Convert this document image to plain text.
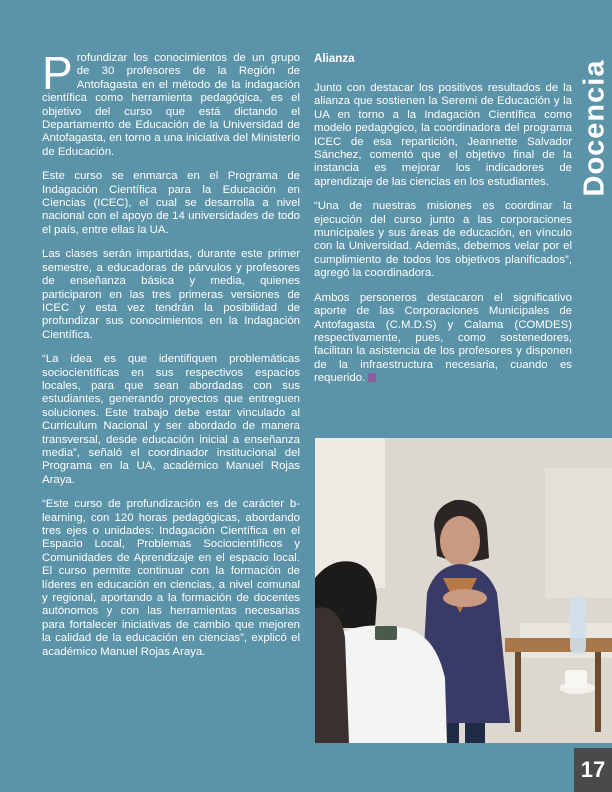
Profundizar los conocimientos de un grupo de 30 profesores de la Región de Antofagasta en el método de la indagación científica como herramienta pedagógica, es el objetivo del curso que está dictando el Departamento de Educación de la Universidad de Antofagasta, en torno a una iniciativa del Ministerio de Educación.

Este curso se enmarca en el Programa de Indagación Científica para la Educación en Ciencias (ICEC), el cual se desarrolla a nivel nacional con el apoyo de 14 universidades de todo el país, entre ellas la UA.

Las clases serán impartidas, durante este primer semestre, a educadoras de párvulos y profesores de enseñanza básica y media, quienes participaron en las tres primeras versiones de ICEC y esta vez tendrán la posibilidad de profundizar sus conocimientos en la Indagación Científica.

“La idea es que identifiquen problemáticas sociocientíficas en sus respectivos espacios locales, para que sean abordadas con sus estudiantes, generando proyectos que entreguen soluciones. Este trabajo debe estar vinculado al Curriculum Nacional y ser abordado de manera transversal, desde educación inicial a enseñanza media”, señaló el coordinador institucional del Programa en la UA, académico Manuel Rojas Araya.

“Este curso de profundización es de carácter b-learning, con 120 horas pedagógicas, abordando tres ejes o unidades: Indagación Científica en el Espacio Local, Problemas Sociocientíficos y Comunidades de Aprendizaje en el espacio local. El curso permite continuar con la formación de líderes en educación en ciencias, a nivel comunal y regional, aportando a la formación de docentes autónomos y con las herramientas necesarias para fortalecer iniciativas de cambio que mejoren la calidad de la educación en ciencias”, explicó el académico Manuel Rojas Araya.

Alianza

Junto con destacar los positivos resultados de la alianza que sostienen la Seremi de Educación y la UA en torno a la Indagación Científica como modelo pedagógico, la coordinadora del programa ICEC de esa repartición, Jeannette Salvador Sánchez, comentó que el objetivo final de la instancia es mejorar los indicadores de aprendizaje de las ciencias en los estudiantes.

“Una de nuestras misiones es coordinar la ejecución del curso junto a las corporaciones municipales y sus áreas de educación, en vínculo con la Universidad. Además, debemos velar por el cumplimiento de todos los objetivos planificados”, agregó la coordinadora.

Ambos personeros destacaron el significativo aporte de las Corporaciones Municipales de Antofagasta (C.M.D.S) y Calama (COMDES) respectivamente, pues, como sostenedores, facilitan la asistencia de los profesores y disponen de la infraestructura necesaria, cuando es requerido.

Docencia
17
